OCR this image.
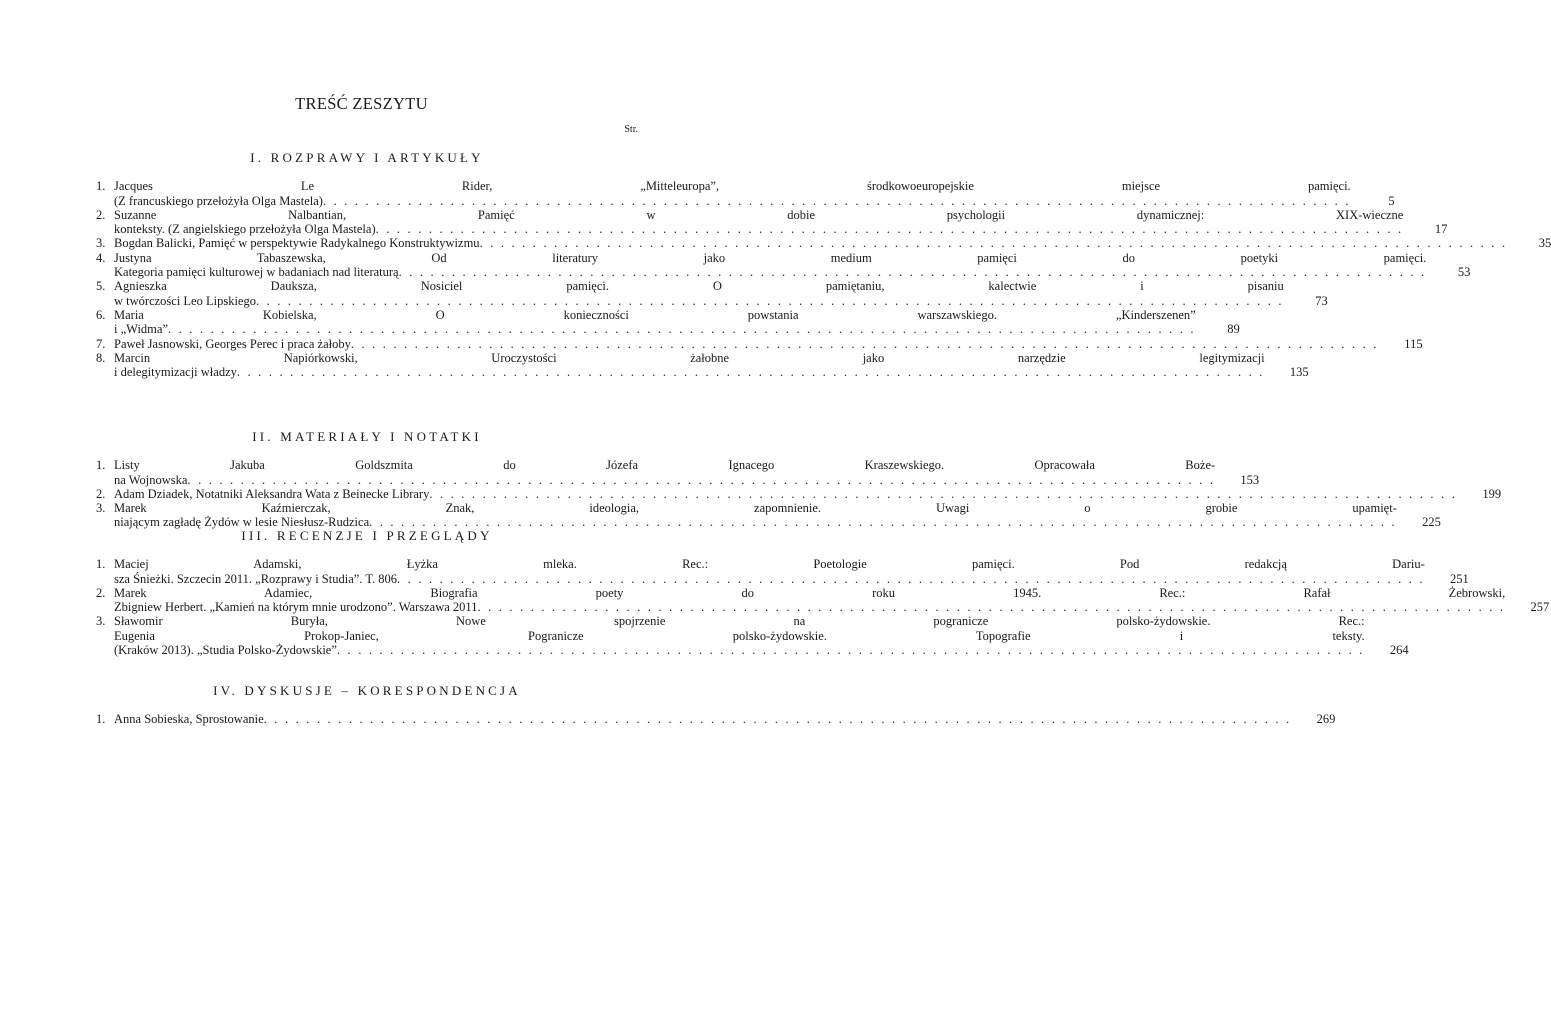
TREŚĆ ZESZYTU
Str.
I. ROZPRAWY I ARTYKUŁY
1. Jacques Le Rider, „Mitteleuropa”, środkowoeuropejskie miejsce pamięci.
(Z francuskiego przełożyła Olga Mastela) . . .	5
2. Suzanne Nalbantian, Pamięć w dobie psychologii dynamicznej: XIX-wieczne
konteksty. (Z angielskiego przełożyła Olga Mastela) . . .	17
3. Bogdan Balicki, Pamięć w perspektywie Radykalnego Konstruktywizmu . . .	35
4. Justyna Tabaszewska, Od literatury jako medium pamięci do poetyki pamięci.
Kategoria pamięci kulturowej w badaniach nad literaturą . . .	53
5. Agnieszka Dauksza, Nosiciel pamięci. O pamiętaniu, kalectwie i pisaniu
w twórczości Leo Lipskiego . . .	73
6. Maria Kobielska, O konieczności powstania warszawskiego. „Kinderszenen”
i „Widma” . . .	89
7. Paweł Jasnowski, Georges Perec i praca żałoby . . .	115
8. Marcin Napiórkowski, Uroczystości żałobne jako narzędzie legitymizacji
i delegitymizacji władzy . . .	135
II. MATERIAŁY I NOTATKI
1. Listy Jakuba Goldszmita do Józefa Ignacego Kraszewskiego. Opracowała Boże-
na Wojnowska . . .	153
2. Adam Dziadek, Notatniki Aleksandra Wata z Beinecke Library . . .	199
3. Marek Kaźmierczak, Znak, ideologia, zapomnienie. Uwagi o grobie upamięt-
niającym zagładę Żydów w lesie Niesłusz-Rudzica . . .	225
III. RECENZJE I PRZEGLĄDY
1. Maciej Adamski, Łyżka mleka. Rec.: Poetologie pamięci. Pod redakcją Dariu-
sza Śnieżki. Szczecin 2011. „Rozprawy i Studia”. T. 806 . . .	251
2. Marek Adamiec, Biografia poety do roku 1945. Rec.: Rafał Żebrowski,
Zbigniew Herbert. „Kamień na którym mnie urodzono”. Warszawa 2011 . . .	257
3. Sławomir Buryła, Nowe spojrzenie na pogranicze polsko-żydowskie. Rec.:
Eugenia Prokop-Janiec, Pogranicze polsko-żydowskie. Topografie i teksty.
(Kraków 2013). „Studia Polsko-Żydowskie” . . .	264
IV. DYSKUSJE – KORESPONDENCJA
1. Anna Sobieska, Sprostowanie . . .	269
